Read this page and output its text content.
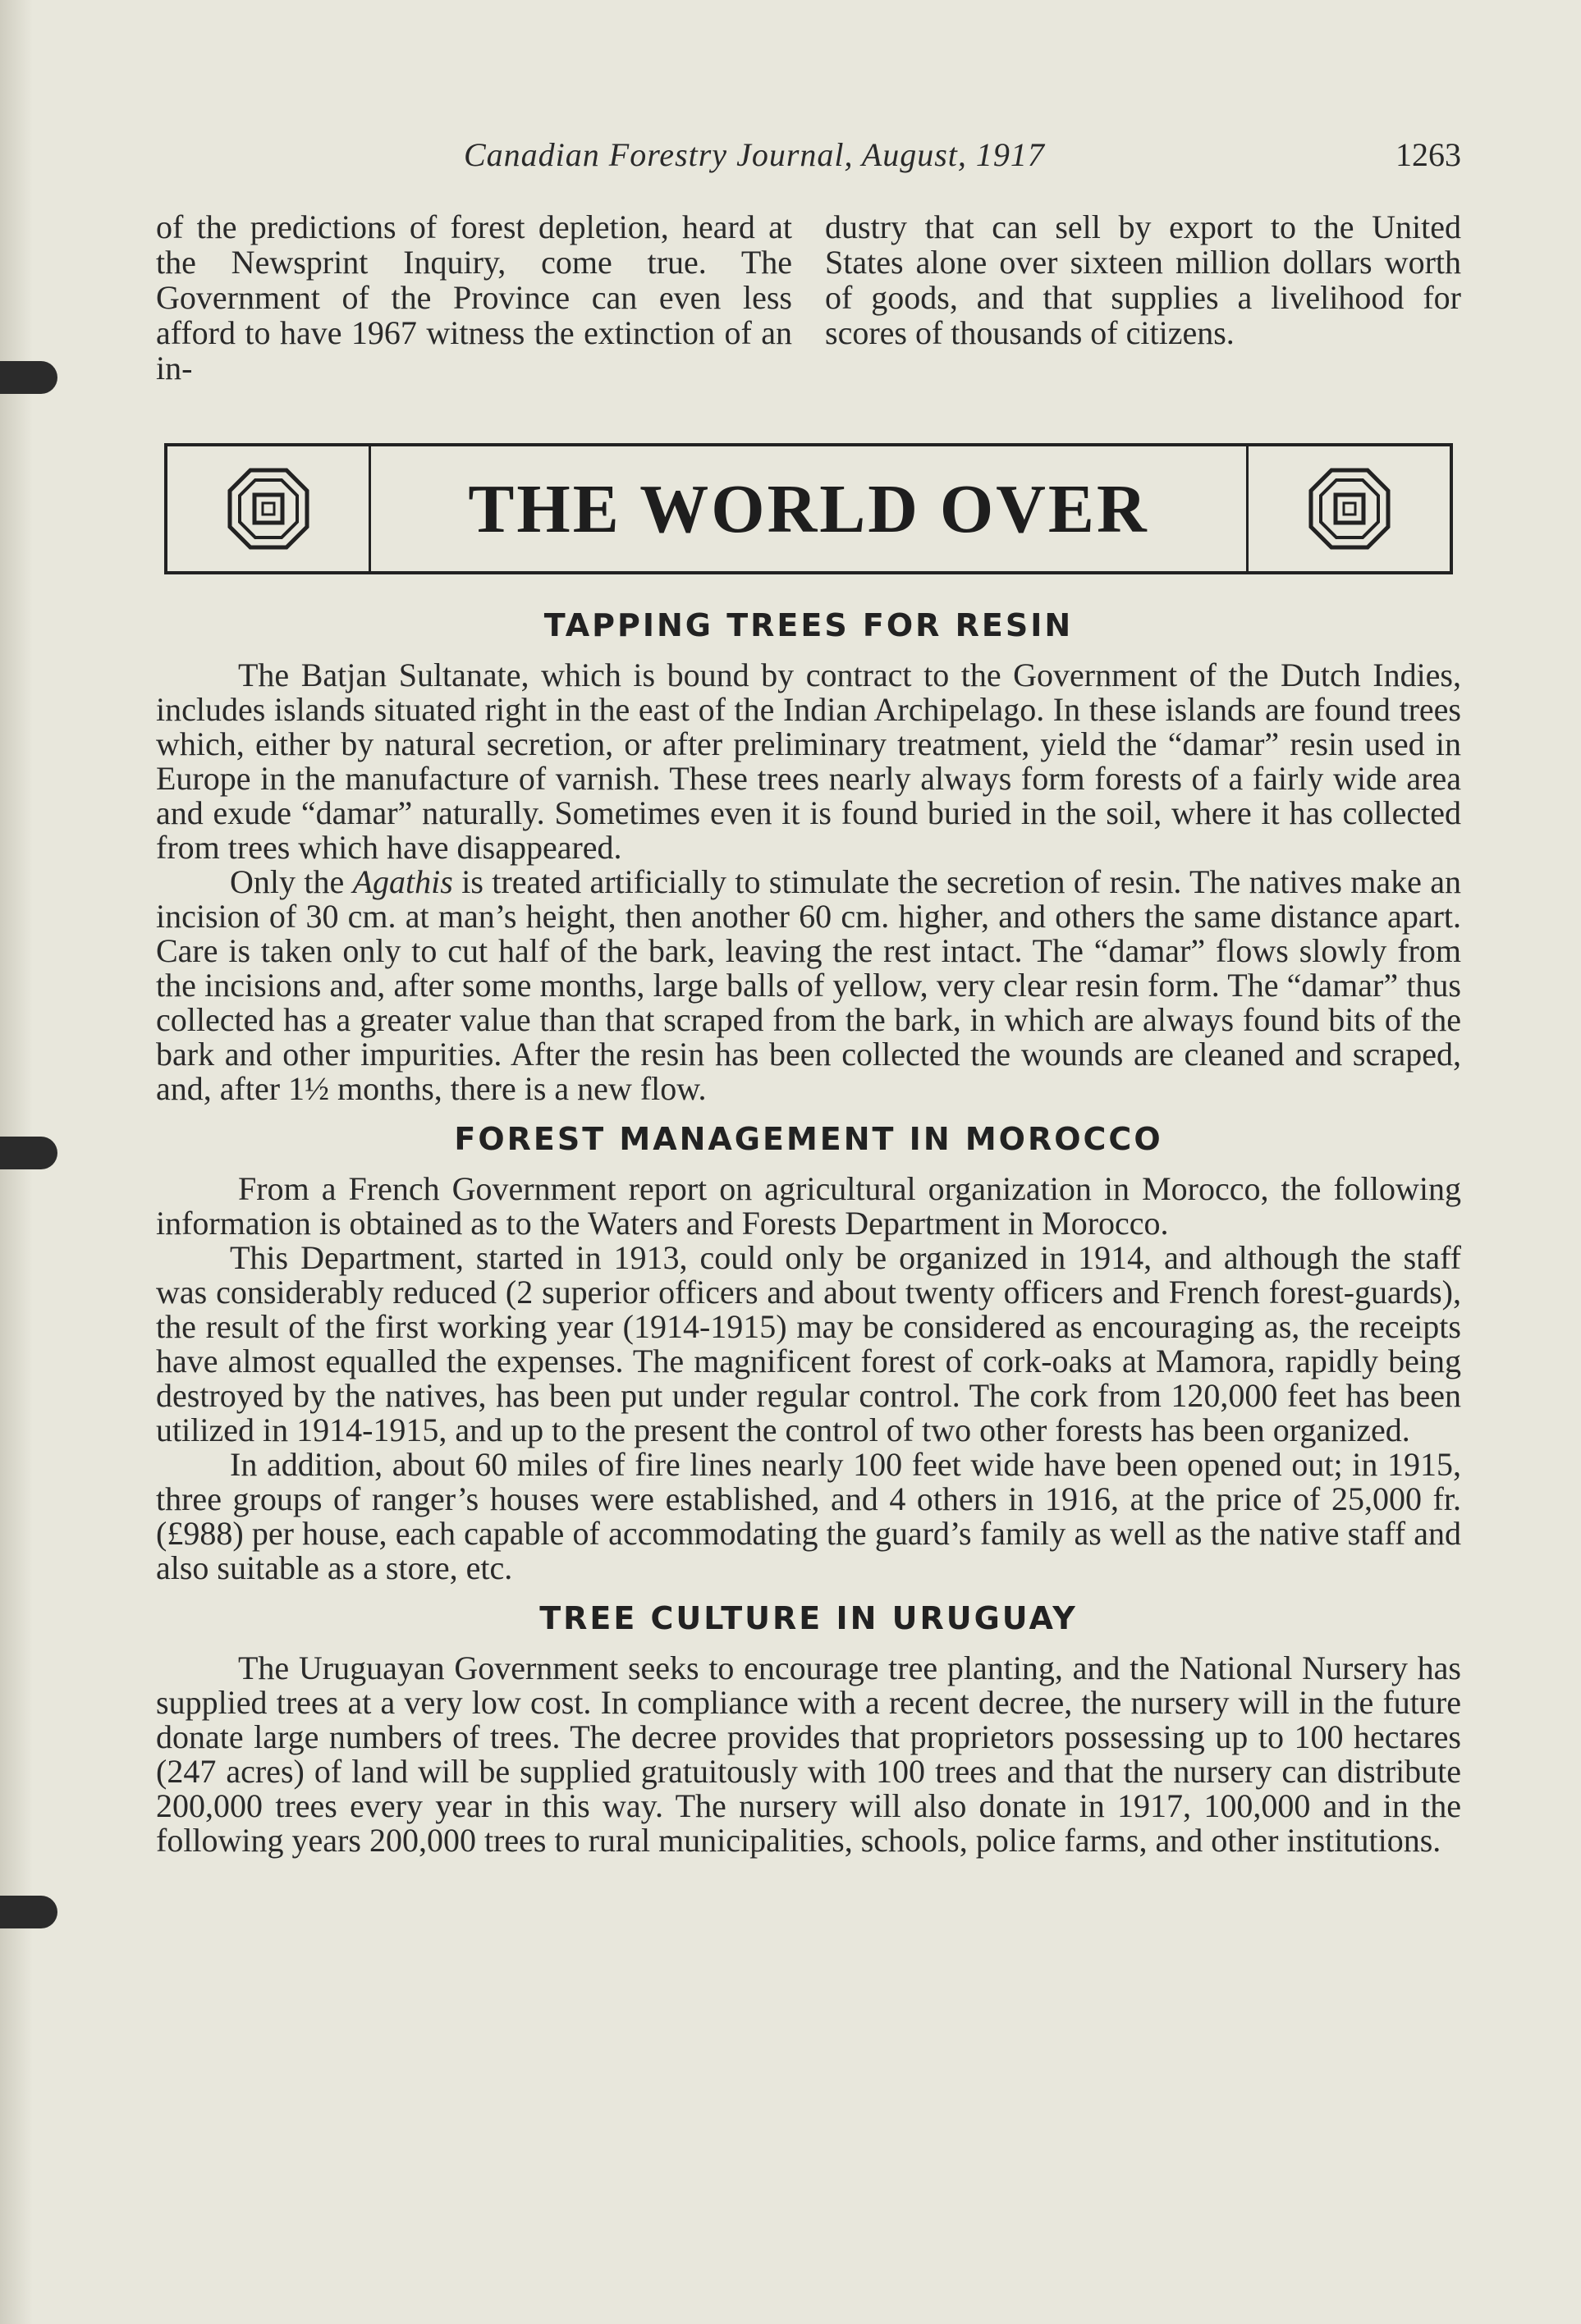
Canadian Forestry Journal, August, 1917	1263

of the predictions of forest depletion, heard at the Newsprint Inquiry, come true. The Government of the Province can even less afford to have 1967 witness the extinction of an in-

dustry that can sell by export to the United States alone over sixteen million dollars worth of goods, and that supplies a livelihood for scores of thousands of citizens.

THE WORLD OVER
TAPPING TREES FOR RESIN

The Batjan Sultanate, which is bound by contract to the Government of the Dutch Indies, includes islands situated right in the east of the Indian Archipelago. In these islands are found trees which, either by natural secretion, or after preliminary treatment, yield the “damar” resin used in Europe in the manufacture of varnish. These trees nearly always form forests of a fairly wide area and exude “damar” naturally. Sometimes even it is found buried in the soil, where it has collected from trees which have disappeared.

Only the Agathis is treated artificially to stimulate the secretion of resin. The natives make an incision of 30 cm. at man’s height, then another 60 cm. higher, and others the same distance apart. Care is taken only to cut half of the bark, leaving the rest intact. The “damar” flows slowly from the incisions and, after some months, large balls of yellow, very clear resin form. The “damar” thus collected has a greater value than that scraped from the bark, in which are always found bits of the bark and other impurities. After the resin has been collected the wounds are cleaned and scraped, and, after 1½ months, there is a new flow.

FOREST MANAGEMENT IN MOROCCO

From a French Government report on agricultural organization in Morocco, the following information is obtained as to the Waters and Forests Department in Morocco.

This Department, started in 1913, could only be organized in 1914, and although the staff was considerably reduced (2 superior officers and about twenty officers and French forest-guards), the result of the first working year (1914-1915) may be considered as encouraging as, the receipts have almost equalled the expenses. The magnificent forest of cork-oaks at Mamora, rapidly being destroyed by the natives, has been put under regular control. The cork from 120,000 feet has been utilized in 1914-1915, and up to the present the control of two other forests has been organized.

In addition, about 60 miles of fire lines nearly 100 feet wide have been opened out; in 1915, three groups of ranger’s houses were established, and 4 others in 1916, at the price of 25,000 fr. (£988) per house, each capable of accommodating the guard’s family as well as the native staff and also suitable as a store, etc.

TREE CULTURE IN URUGUAY

The Uruguayan Government seeks to encourage tree planting, and the National Nursery has supplied trees at a very low cost. In compliance with a recent decree, the nursery will in the future donate large numbers of trees. The decree provides that proprietors possessing up to 100 hectares (247 acres) of land will be supplied gratuitously with 100 trees and that the nursery can distribute 200,000 trees every year in this way. The nursery will also donate in 1917, 100,000 and in the following years 200,000 trees to rural municipalities, schools, police farms, and other institutions.
